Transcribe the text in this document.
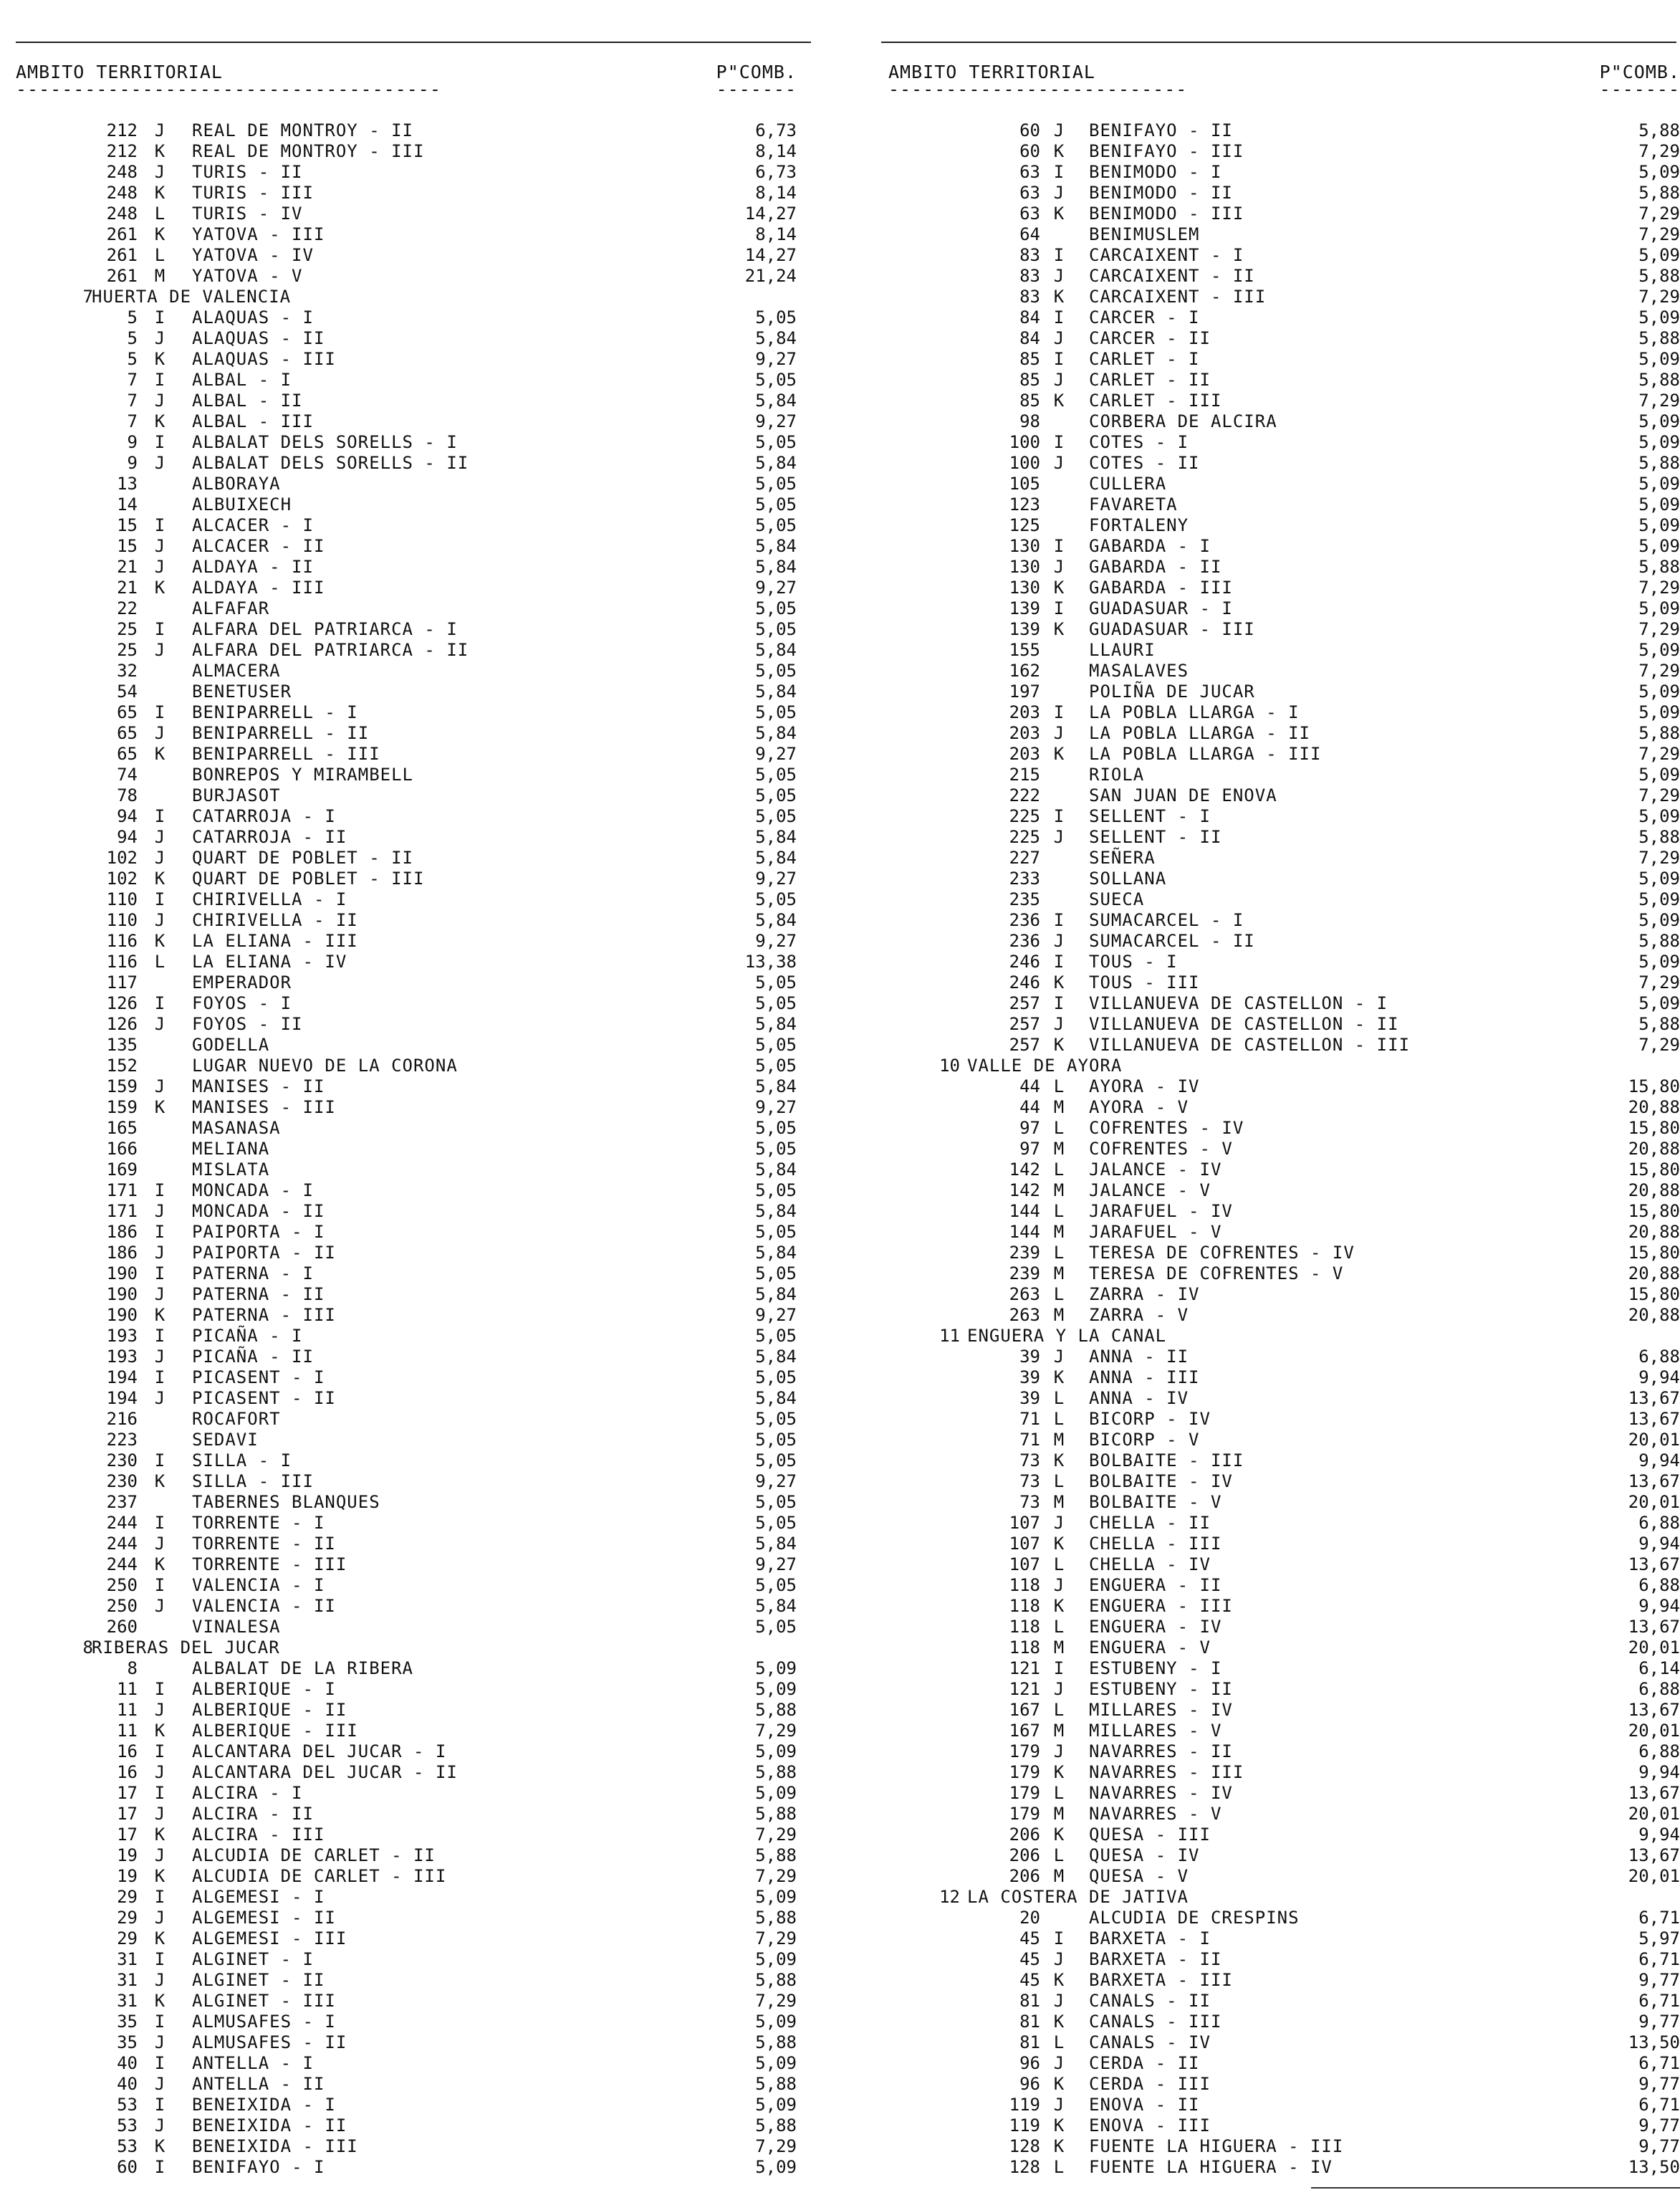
AMBITO TERRITORIAL	P"COMB.
-------------------------------------	-------
212 J	REAL DE MONTROY - II	6,73
212 K	REAL DE MONTROY - III	8,14
248 J	TURIS - II	6,73
248 K	TURIS - III	8,14
248 L	TURIS - IV	14,27
261 K	YATOVA - III	8,14
261 L	YATOVA - IV	14,27
261 M	YATOVA - V	21,24
7
HUERTA DE VALENCIA
5 I	ALAQUAS - I	5,05
5 J	ALAQUAS - II	5,84
5 K	ALAQUAS - III	9,27
7 I	ALBAL - I	5,05
7 J	ALBAL - II	5,84
7 K	ALBAL - III	9,27
9 I	ALBALAT DELS SORELLS - I	5,05
9 J	ALBALAT DELS SORELLS - II	5,84
13	ALBORAYA	5,05
14	ALBUIXECH	5,05
15 I	ALCACER - I	5,05
15 J	ALCACER - II	5,84
21 J	ALDAYA - II	5,84
21 K	ALDAYA - III	9,27
22	ALFAFAR	5,05
25 I	ALFARA DEL PATRIARCA - I	5,05
25 J	ALFARA DEL PATRIARCA - II	5,84
32	ALMACERA	5,05
54	BENETUSER	5,84
65 I	BENIPARRELL - I	5,05
65 J	BENIPARRELL - II	5,84
65 K	BENIPARRELL - III	9,27
74	BONREPOS Y MIRAMBELL	5,05
78	BURJASOT	5,05
94 I	CATARROJA - I	5,05
94 J	CATARROJA - II	5,84
102 J	QUART DE POBLET - II	5,84
102 K	QUART DE POBLET - III	9,27
110 I	CHIRIVELLA - I	5,05
110 J	CHIRIVELLA - II	5,84
116 K	LA ELIANA - III	9,27
116 L	LA ELIANA - IV	13,38
117	EMPERADOR	5,05
126 I	FOYOS - I	5,05
126 J	FOYOS - II	5,84
135	GODELLA	5,05
152	LUGAR NUEVO DE LA CORONA	5,05
159 J	MANISES - II	5,84
159 K	MANISES - III	9,27
165	MASANASA	5,05
166	MELIANA	5,05
169	MISLATA	5,84
171 I	MONCADA - I	5,05
171 J	MONCADA - II	5,84
186 I	PAIPORTA - I	5,05
186 J	PAIPORTA - II	5,84
190 I	PATERNA - I	5,05
190 J	PATERNA - II	5,84
190 K	PATERNA - III	9,27
193 I	PICAÑA - I	5,05
193 J	PICAÑA - II	5,84
194 I	PICASENT - I	5,05
194 J	PICASENT - II	5,84
216	ROCAFORT	5,05
223	SEDAVI	5,05
230 I	SILLA - I	5,05
230 K	SILLA - III	9,27
237	TABERNES BLANQUES	5,05
244 I	TORRENTE - I	5,05
244 J	TORRENTE - II	5,84
244 K	TORRENTE - III	9,27
250 I	VALENCIA - I	5,05
250 J	VALENCIA - II	5,84
260	VINALESA	5,05
8
RIBERAS DEL JUCAR
8	ALBALAT DE LA RIBERA	5,09
11 I	ALBERIQUE - I	5,09
11 J	ALBERIQUE - II	5,88
11 K	ALBERIQUE - III	7,29
16 I	ALCANTARA DEL JUCAR - I	5,09
16 J	ALCANTARA DEL JUCAR - II	5,88
17 I	ALCIRA - I	5,09
17 J	ALCIRA - II	5,88
17 K	ALCIRA - III	7,29
19 J	ALCUDIA DE CARLET - II	5,88
19 K	ALCUDIA DE CARLET - III	7,29
29 I	ALGEMESI - I	5,09
29 J	ALGEMESI - II	5,88
29 K	ALGEMESI - III	7,29
31 I	ALGINET - I	5,09
31 J	ALGINET - II	5,88
31 K	ALGINET - III	7,29
35 I	ALMUSAFES - I	5,09
35 J	ALMUSAFES - II	5,88
40 I	ANTELLA - I	5,09
40 J	ANTELLA - II	5,88
53 I	BENEIXIDA - I	5,09
53 J	BENEIXIDA - II	5,88
53 K	BENEIXIDA - III	7,29
60 I	BENIFAYO - I	5,09
AMBITO TERRITORIAL	P"COMB.
--------------------------	-------
60 J	BENIFAYO - II	5,88
60 K	BENIFAYO - III	7,29
63 I	BENIMODO - I	5,09
63 J	BENIMODO - II	5,88
63 K	BENIMODO - III	7,29
64	BENIMUSLEM	7,29
83 I	CARCAIXENT - I	5,09
83 J	CARCAIXENT - II	5,88
83 K	CARCAIXENT - III	7,29
84 I	CARCER - I	5,09
84 J	CARCER - II	5,88
85 I	CARLET - I	5,09
85 J	CARLET - II	5,88
85 K	CARLET - III	7,29
98	CORBERA DE ALCIRA	5,09
100 I	COTES - I	5,09
100 J	COTES - II	5,88
105	CULLERA	5,09
123	FAVARETA	5,09
125	FORTALENY	5,09
130 I	GABARDA - I	5,09
130 J	GABARDA - II	5,88
130 K	GABARDA - III	7,29
139 I	GUADASUAR - I	5,09
139 K	GUADASUAR - III	7,29
155	LLAURI	5,09
162	MASALAVES	7,29
197	POLIÑA DE JUCAR	5,09
203 I	LA POBLA LLARGA - I	5,09
203 J	LA POBLA LLARGA - II	5,88
203 K	LA POBLA LLARGA - III	7,29
215	RIOLA	5,09
222	SAN JUAN DE ENOVA	7,29
225 I	SELLENT - I	5,09
225 J	SELLENT - II	5,88
227	SEÑERA	7,29
233	SOLLANA	5,09
235	SUECA	5,09
236 I	SUMACARCEL - I	5,09
236 J	SUMACARCEL - II	5,88
246 I	TOUS - I	5,09
246 K	TOUS - III	7,29
257 I	VILLANUEVA DE CASTELLON - I	5,09
257 J	VILLANUEVA DE CASTELLON - II	5,88
257 K	VILLANUEVA DE CASTELLON - III	7,29
10 VALLE DE AYORA
44 L	AYORA - IV	15,80
44 M	AYORA - V	20,88
97 L	COFRENTES - IV	15,80
97 M	COFRENTES - V	20,88
142 L	JALANCE - IV	15,80
142 M	JALANCE - V	20,88
144 L	JARAFUEL - IV	15,80
144 M	JARAFUEL - V	20,88
239 L	TERESA DE COFRENTES - IV	15,80
239 M	TERESA DE COFRENTES - V	20,88
263 L	ZARRA - IV	15,80
263 M	ZARRA - V	20,88
11 ENGUERA Y LA CANAL
39 J	ANNA - II	6,88
39 K	ANNA - III	9,94
39 L	ANNA - IV	13,67
71 L	BICORP - IV	13,67
71 M	BICORP - V	20,01
73 K	BOLBAITE - III	9,94
73 L	BOLBAITE - IV	13,67
73 M	BOLBAITE - V	20,01
107 J	CHELLA - II	6,88
107 K	CHELLA - III	9,94
107 L	CHELLA - IV	13,67
118 J	ENGUERA - II	6,88
118 K	ENGUERA - III	9,94
118 L	ENGUERA - IV	13,67
118 M	ENGUERA - V	20,01
121 I	ESTUBENY - I	6,14
121 J	ESTUBENY - II	6,88
167 L	MILLARES - IV	13,67
167 M	MILLARES - V	20,01
179 J	NAVARRES - II	6,88
179 K	NAVARRES - III	9,94
179 L	NAVARRES - IV	13,67
179 M	NAVARRES - V	20,01
206 K	QUESA - III	9,94
206 L	QUESA - IV	13,67
206 M	QUESA - V	20,01
12 LA COSTERA DE JATIVA
20	ALCUDIA DE CRESPINS	6,71
45 I	BARXETA - I	5,97
45 J	BARXETA - II	6,71
45 K	BARXETA - III	9,77
81 J	CANALS - II	6,71
81 K	CANALS - III	9,77
81 L	CANALS - IV	13,50
96 J	CERDA - II	6,71
96 K	CERDA - III	9,77
119 J	ENOVA - II	6,71
119 K	ENOVA - III	9,77
128 K	FUENTE LA HIGUERA - III	9,77
128 L	FUENTE LA HIGUERA - IV	13,50
